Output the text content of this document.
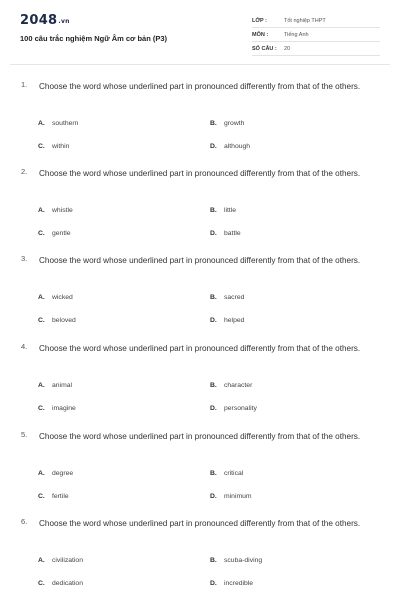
2048.vn
100 câu trắc nghiệm Ngữ Âm cơ bản (P3)
LỚP :	Tốt nghiệp THPT
MÔN :	Tiếng Anh
SỐ CÂU : 20
1. Choose the word whose underlined part in pronounced differently from that of the others.
A. southern	B. growth
C. within	D. although
2. Choose the word whose underlined part in pronounced differently from that of the others.
A. whistle	B. little
C. gentle	D. battle
3. Choose the word whose underlined part in pronounced differently from that of the others.
A. wicked	B. sacred
C. beloved	D. helped
4. Choose the word whose underlined part in pronounced differently from that of the others.
A. animal	B. character
C. imagine	D. personality
5. Choose the word whose underlined part in pronounced differently from that of the others.
A. degree	B. critical
C. fertile	D. minimum
6. Choose the word whose underlined part in pronounced differently from that of the others.
A. civilization	B. scuba-diving
C. dedication	D. incredible
